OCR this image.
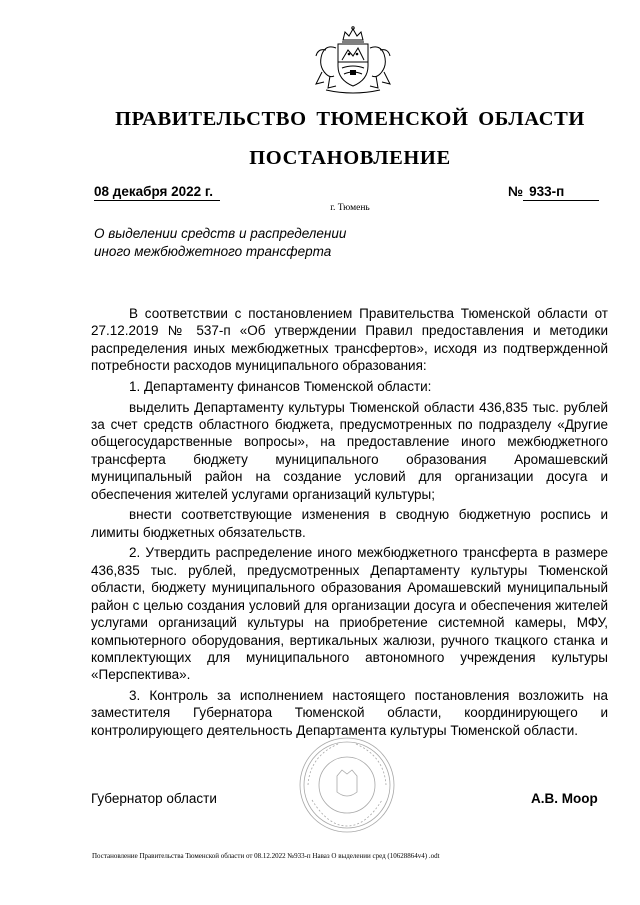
ПРАВИТЕЛЬСТВО ТЮМЕНСКОЙ ОБЛАСТИ
ПОСТАНОВЛЕНИЕ
08 декабря 2022 г.	№ 933-п
г. Тюмень
О выделении средств и распределении
иного межбюджетного трансферта

В соответствии с постановлением Правительства Тюменской области от 27.12.2019 № 537-п «Об утверждении Правил предоставления и методики распределения иных межбюджетных трансфертов», исходя из подтвержденной потребности расходов муниципального образования:

1. Департаменту финансов Тюменской области:

выделить Департаменту культуры Тюменской области 436,835 тыс. рублей за счет средств областного бюджета, предусмотренных по подразделу «Другие общегосударственные вопросы», на предоставление иного межбюджетного трансферта бюджету муниципального образования Аромашевский муниципальный район на создание условий для организации досуга и обеспечения жителей услугами организаций культуры;

внести соответствующие изменения в сводную бюджетную роспись и лимиты бюджетных обязательств.

2. Утвердить распределение иного межбюджетного трансферта в размере 436,835 тыс. рублей, предусмотренных Департаменту культуры Тюменской области, бюджету муниципального образования Аромашевский муниципальный район с целью создания условий для организации досуга и обеспечения жителей услугами организаций культуры на приобретение системной камеры, МФУ, компьютерного оборудования, вертикальных жалюзи, ручного ткацкого станка и комплектующих для муниципального автономного учреждения культуры «Перспектива».

3. Контроль за исполнением настоящего постановления возложить на заместителя Губернатора Тюменской области, координирующего и контролирующего деятельность Департамента культуры Тюменской области.

Губернатор области	А.В. Моор
Постановление Правительства Тюменской области от 08.12.2022 №933-п Наваз О выделении сред (10628864v4) .odt
